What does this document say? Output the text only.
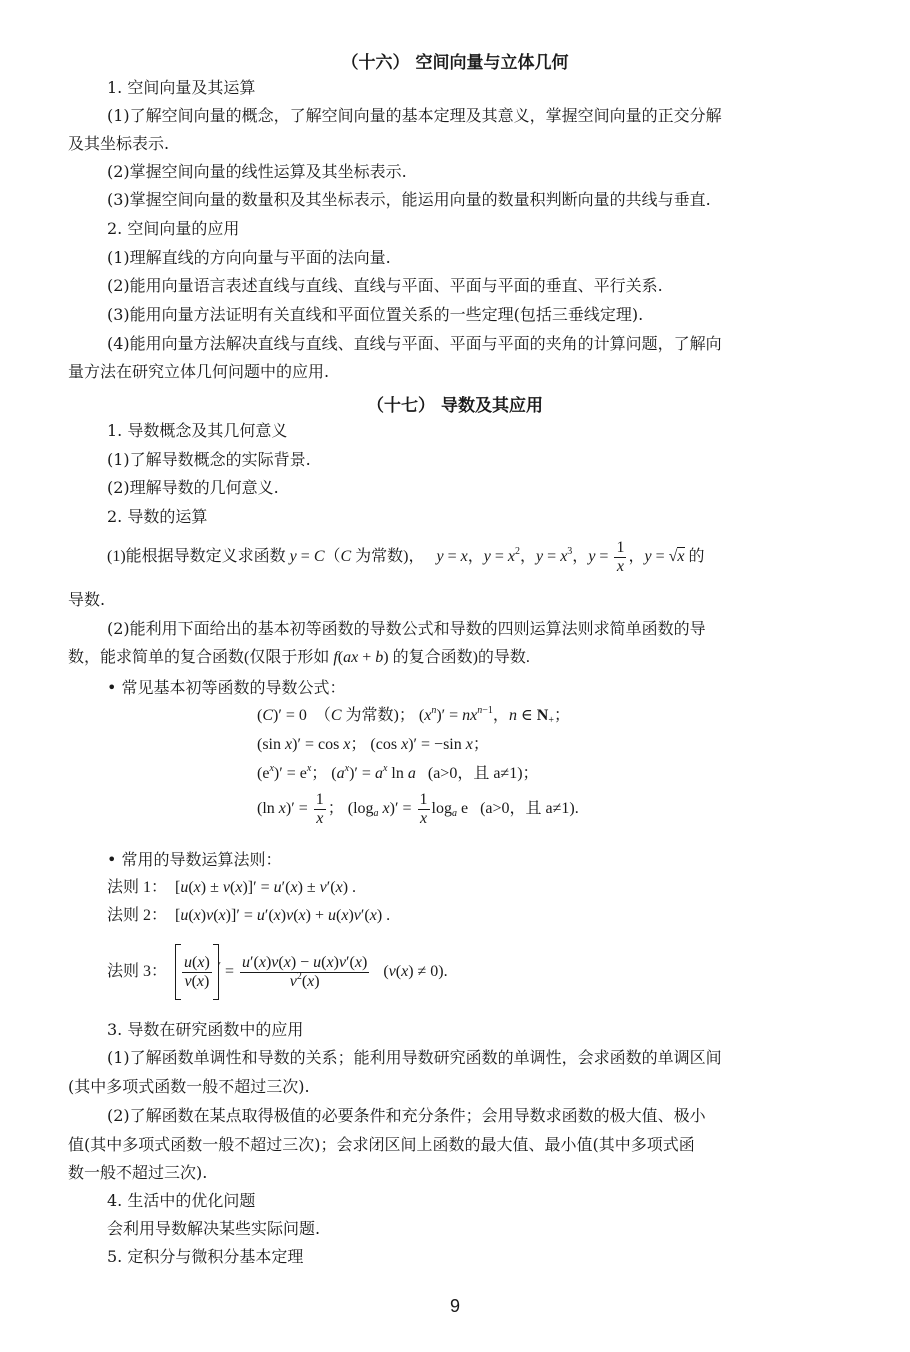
（十六） 空间向量与立体几何
1. 空间向量及其运算
(1)了解空间向量的概念，了解空间向量的基本定理及其意义，掌握空间向量的正交分解
及其坐标表示.
(2)掌握空间向量的线性运算及其坐标表示.
(3)掌握空间向量的数量积及其坐标表示，能运用向量的数量积判断向量的共线与垂直.
2. 空间向量的应用
(1)理解直线的方向向量与平面的法向量.
(2)能用向量语言表述直线与直线、直线与平面、平面与平面的垂直、平行关系.
(3)能用向量方法证明有关直线和平面位置关系的一些定理(包括三垂线定理).
(4)能用向量方法解决直线与直线、直线与平面、平面与平面的夹角的计算问题，了解向
量方法在研究立体几何问题中的应用.
（十七） 导数及其应用
1. 导数概念及其几何意义
(1)了解导数概念的实际背景.
(2)理解导数的几何意义.
2. 导数的运算
(1)能根据导数定义求函数 y = C（C 为常数)， y = x，$y = x^2$，$y = x^3$，$y = \frac{1}{x}$ ，y = √x 的
导数.
(2)能利用下面给出的基本初等函数的导数公式和导数的四则运算法则求简单函数的导
数，能求简单的复合函数(仅限于形如 f(ax + b) 的复合函数)的导数.
• 常见基本初等函数的导数公式：
(C)′ = 0  （C 为常数)； $(x^n)' = nx^{n-1}$，n ∈ $N_+$；
(sin x)′ = cos x； (cos x)′ = −sin x；
$(e^x)' = e^x$； $(a^x)' = a^x$ ln a (a>0，且 a≠1)；
(ln $x)' = \frac{1}{x}$ ； ($\log_a$ $x)' = \frac{1}{x} \log_a e$   (a>0，且 a≠1).
• 常用的导数运算法则：
法则 1：  [u(x) ± v(x)]′ = u′(x) ± v′(x) .
法则 2：  [u(x)v(x)]′ = u′(x)v(x) + u(x)v′(x) .
法则 3： $\frac{u(x)}{v(x)} ' = \frac{u'(x)v(x) - u(x)v'(x)}{v^2(x)} (v(x) \ne 0)$.
3. 导数在研究函数中的应用
(1)了解函数单调性和导数的关系；能利用导数研究函数的单调性，会求函数的单调区间
(其中多项式函数一般不超过三次).
(2)了解函数在某点取得极值的必要条件和充分条件；会用导数求函数的极大值、极小
值(其中多项式函数一般不超过三次)；会求闭区间上函数的最大值、最小值(其中多项式函
数一般不超过三次).
4. 生活中的优化问题
会利用导数解决某些实际问题.
5. 定积分与微积分基本定理
9
